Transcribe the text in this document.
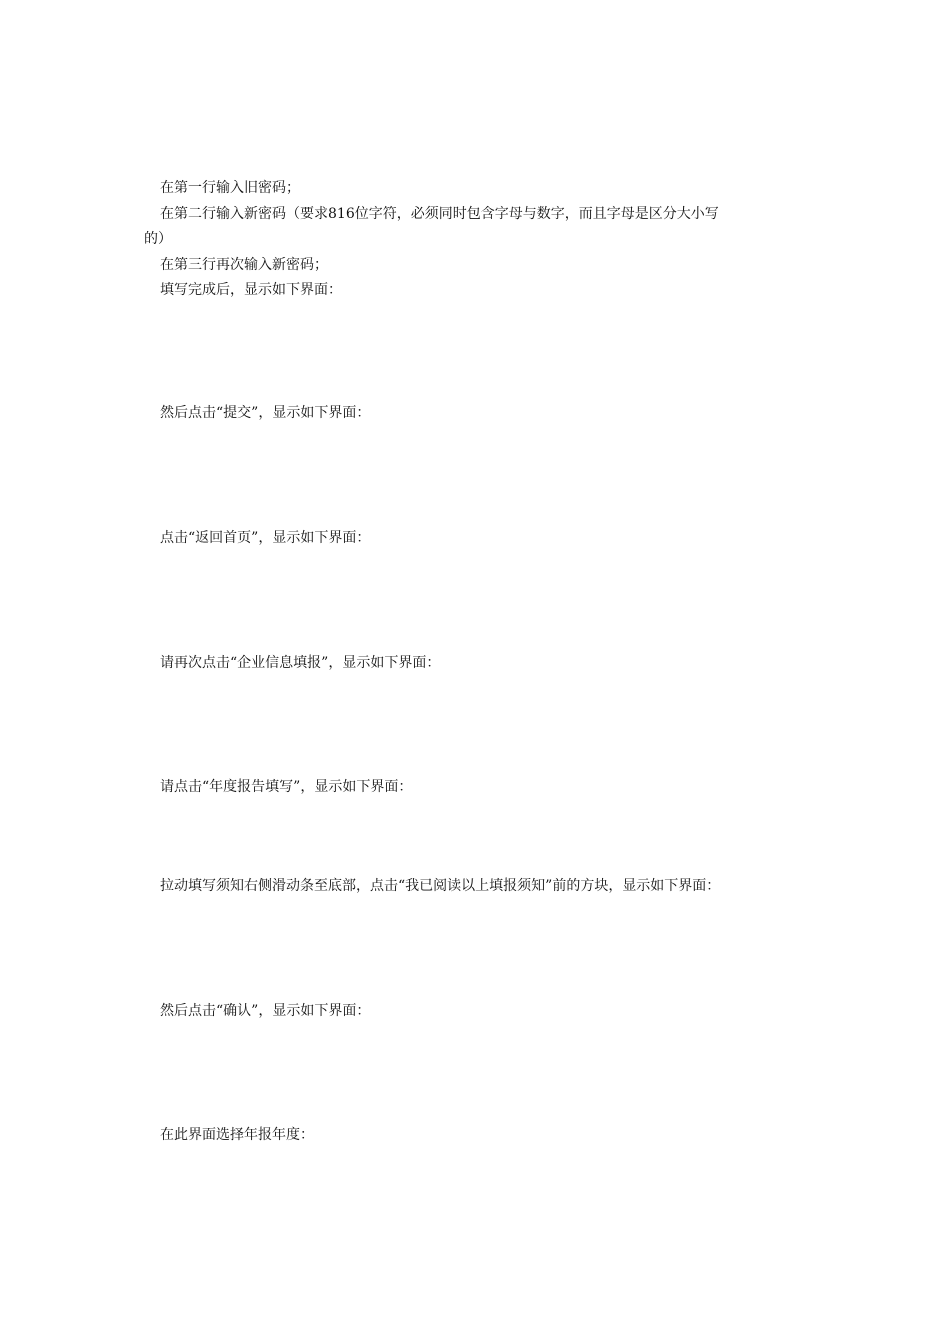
在第一行输入旧密码；
在第二行输入新密码（要求816位字符，必须同时包含字母与数字，而且字母是区分大小写
的）
在第三行再次输入新密码；
填写完成后，显示如下界面：
然后点击“提交”，显示如下界面：
点击“返回首页”，显示如下界面：
请再次点击“企业信息填报”，显示如下界面：
请点击“年度报告填写”，显示如下界面：
拉动填写须知右侧滑动条至底部，点击“我已阅读以上填报须知”前的方块，显示如下界面：
然后点击“确认”，显示如下界面：
在此界面选择年报年度：
